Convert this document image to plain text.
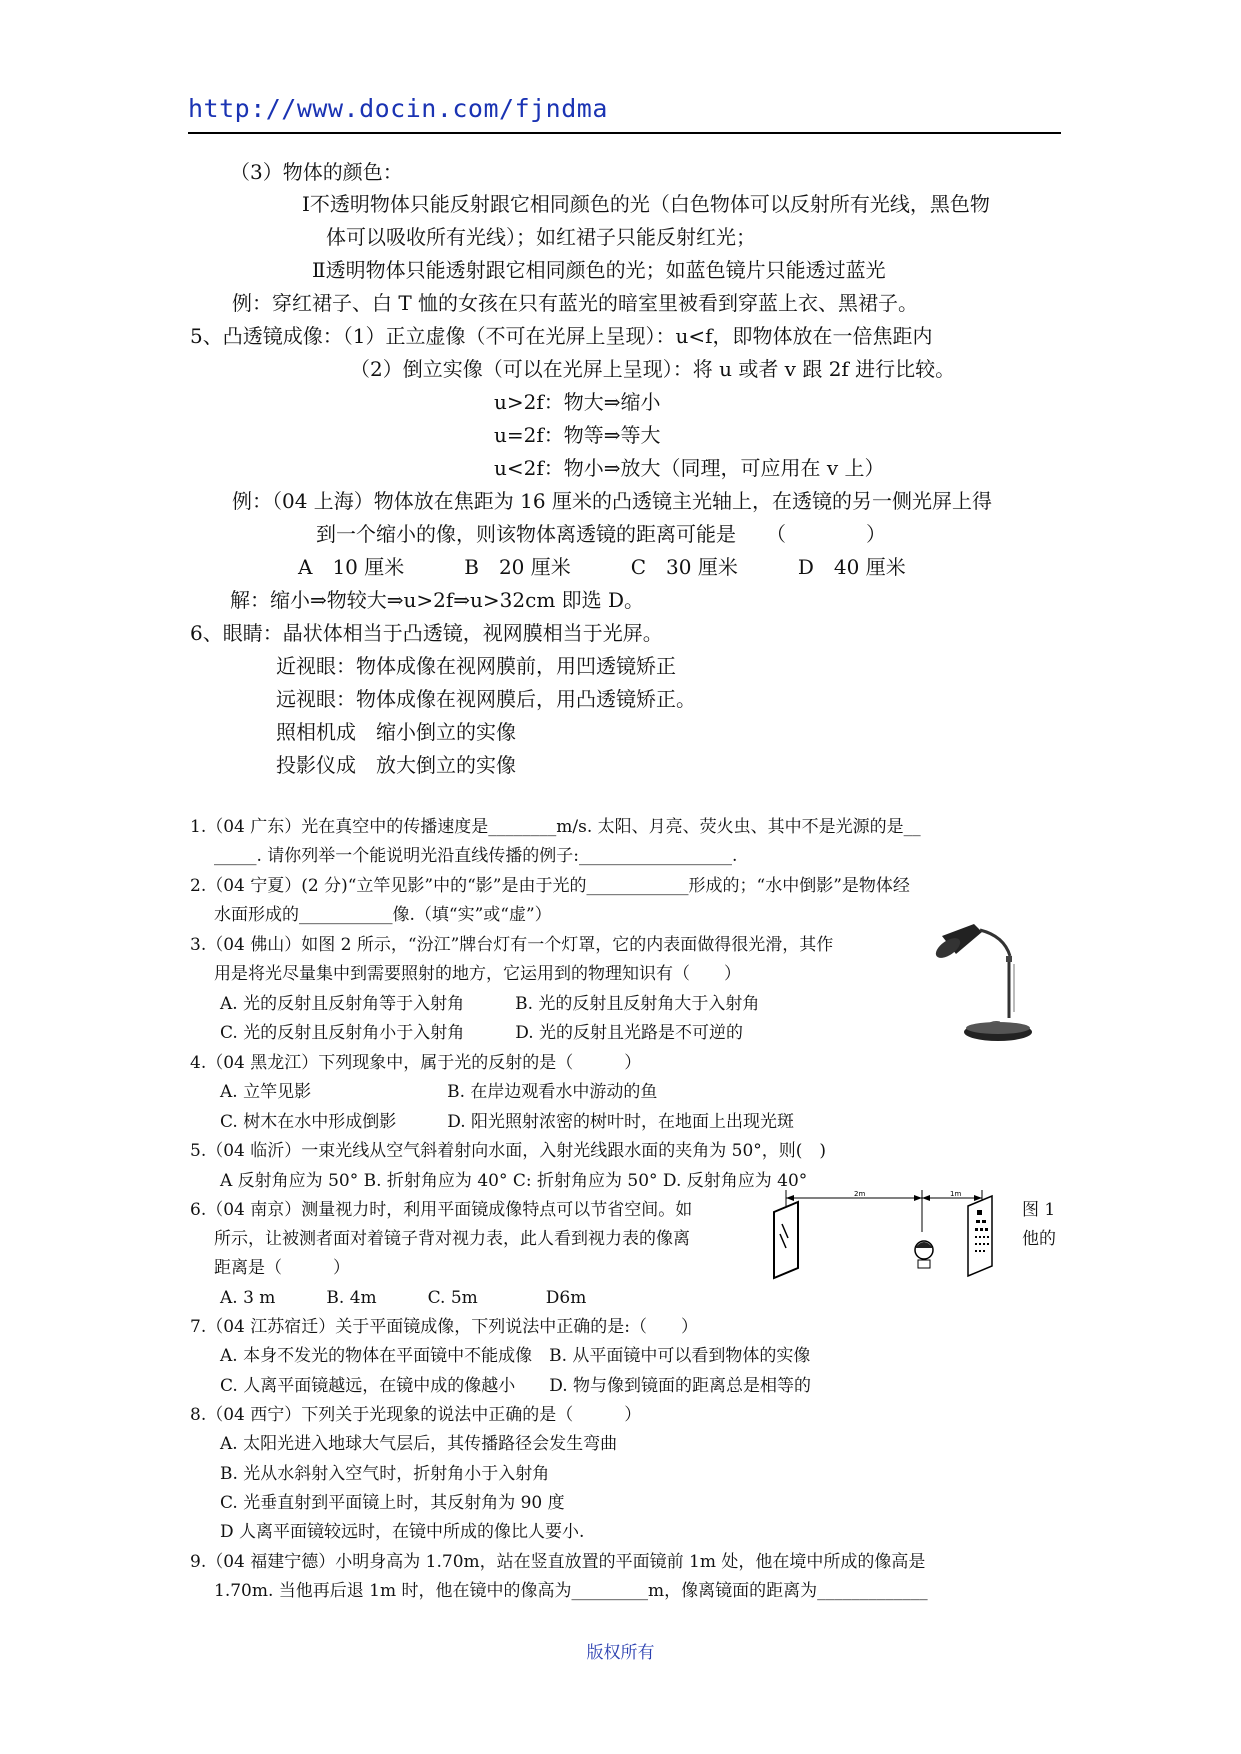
http://www.docin.com/fjndma
（3）物体的颜色：
Ⅰ不透明物体只能反射跟它相同颜色的光（白色物体可以反射所有光线，黑色物
体可以吸收所有光线）；如红裙子只能反射红光；
Ⅱ透明物体只能透射跟它相同颜色的光；如蓝色镜片只能透过蓝光
例：穿红裙子、白 T 恤的女孩在只有蓝光的暗室里被看到穿蓝上衣、黑裙子。
5、凸透镜成像：（1）正立虚像（不可在光屏上呈现）：u<f，即物体放在一倍焦距内
（2）倒立实像（可以在光屏上呈现）：将 u 或者 v 跟 2f 进行比较。
u>2f：物大⇒缩小
u=2f：物等⇒等大
u<2f：物小⇒放大（同理，可应用在 v 上）
例：（04 上海）物体放在焦距为 16 厘米的凸透镜主光轴上，在透镜的另一侧光屏上得
到一个缩小的像，则该物体离透镜的距离可能是　　（　　　　）
A　10 厘米　　　B　20 厘米　　　C　30 厘米　　　D　40 厘米
解：缩小⇒物较大⇒u>2f⇒u>32cm 即选 D。
6、眼睛：晶状体相当于凸透镜，视网膜相当于光屏。
近视眼：物体成像在视网膜前，用凹透镜矫正
远视眼：物体成像在视网膜后，用凸透镜矫正。
照相机成　缩小倒立的实像
投影仪成　放大倒立的实像
1.（04 广东）光在真空中的传播速度是________m/s. 太阳、月亮、荧火虫、其中不是光源的是__
_____. 请你列举一个能说明光沿直线传播的例子:__________________.
2.（04 宁夏）(2 分)“立竿见影”中的“影”是由于光的____________形成的；“水中倒影”是物体经
水面形成的___________像.（填“实”或“虚”）
3.（04 佛山）如图 2 所示，“汾江”牌台灯有一个灯罩，它的内表面做得很光滑，其作
用是将光尽量集中到需要照射的地方，它运用到的物理知识有（　　）
A. 光的反射且反射角等于入射角　　　B. 光的反射且反射角大于入射角
C. 光的反射且反射角小于入射角　　　D. 光的反射且光路是不可逆的
4.（04 黑龙江）下列现象中，属于光的反射的是（　　　）
A. 立竿见影　　　　　　　　B. 在岸边观看水中游动的鱼
C. 树木在水中形成倒影　　　D. 阳光照射浓密的树叶时，在地面上出现光斑
5.（04 临沂）一束光线从空气斜着射向水面，入射光线跟水面的夹角为 50°，则(　)
A 反射角应为 50° B. 折射角应为 40° C: 折射角应为 50° D. 反射角应为 40°
6.（04 南京）测量视力时，利用平面镜成像特点可以节省空间。如	图 1
所示，让被测者面对着镜子背对视力表，此人看到视力表的像离	他的
距离是（　　　）
A. 3 m　　　B. 4m　　　C. 5m　　　　D6m
2m	1m
7.（04 江苏宿迁）关于平面镜成像，下列说法中正确的是:（　　）
A. 本身不发光的物体在平面镜中不能成像　B. 从平面镜中可以看到物体的实像
C. 人离平面镜越远，在镜中成的像越小　　D. 物与像到镜面的距离总是相等的
8.（04 西宁）下列关于光现象的说法中正确的是（　　　）
A. 太阳光进入地球大气层后，其传播路径会发生弯曲
B. 光从水斜射入空气时，折射角小于入射角
C. 光垂直射到平面镜上时，其反射角为 90 度
D 人离平面镜较远时，在镜中所成的像比人要小.
9.（04 福建宁德）小明身高为 1.70m，站在竖直放置的平面镜前 1m 处，他在境中所成的像高是
1.70m. 当他再后退 1m 时，他在镜中的像高为_________m，像离镜面的距离为_____________
版权所有
